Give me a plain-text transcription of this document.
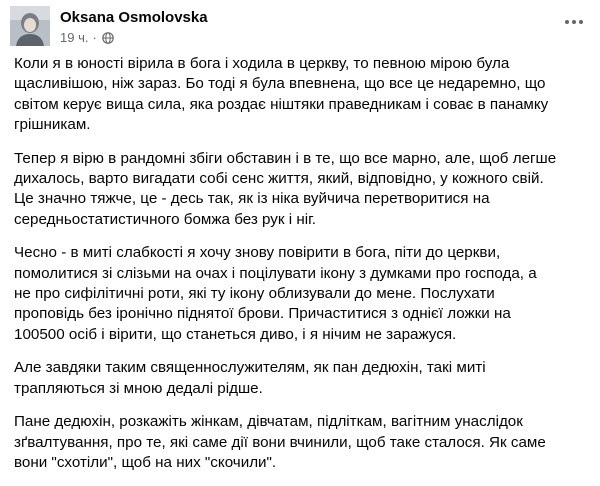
Oksana Osmolovska
19 ч. ·

Коли я в юності вірила в бога і ходила в церкву, то певною мірою була
щасливішою, ніж зараз. Бо тоді я була впевнена, що все це недаремно, що
світом керує вища сила, яка роздає ніштяки праведникам і соває в панамку
грішникам.

Тепер я вірю в рандомні збіги обставин і в те, що все марно, але, щоб легше
дихалось, варто вигадати собі сенс життя, який, відповідно, у кожного свій.
Це значно тяжче, це - десь так, як із ніка вуйчича перетворитися на
середньостатистичного бомжа без рук і ніг.

Чесно - в миті слабкості я хочу знову повірити в бога, піти до церкви,
помолитися зі слізьми на очах і поцілувати ікону з думками про господа, а
не про сифілітичні роти, які ту ікону облизували до мене. Послухати
проповідь без іронічно піднятої брови. Причаститися з однієї ложки на
100500 осіб і вірити, що станеться диво, і я нічим не заражуся.

Але завдяки таким священнослужителям, як пан дедюхін, такі миті
трапляються зі мною дедалі рідше.

Пане дедюхін, розкажіть жінкам, дівчатам, підліткам, вагітним унаслідок
зґвалтування, про те, які саме дії вони вчинили, щоб таке сталося. Як саме
вони "схотіли", щоб на них "скочили".
